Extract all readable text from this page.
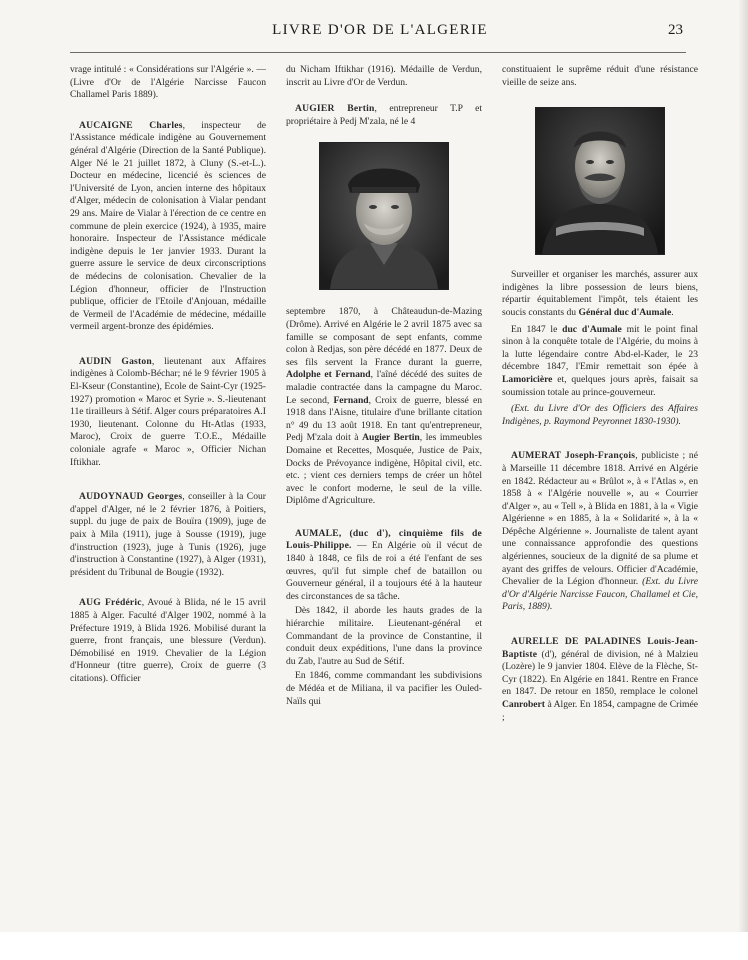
LIVRE D'OR DE L'ALGERIE	23

vrage intitulé : « Considérations sur l'Algérie ». — (Livre d'Or de l'Algérie Narcisse Faucon Challamel Paris 1889).

AUCAIGNE Charles, inspecteur de l'Assistance médicale indigène au Gouvernement général d'Algérie (Direction de la Santé Publique). Alger Né le 21 juillet 1872, à Cluny (S.-et-L.). Docteur en médecine, licencié ès sciences de l'Université de Lyon, ancien interne des hôpitaux d'Alger, médecin de colonisation à Vialar pendant 29 ans. Maire de Vialar à l'érection de ce centre en commune de plein exercice (1924), à 1935, maire honoraire. Inspecteur de l'Assistance médicale indigène depuis le 1er janvier 1933. Durant la guerre assure le service de deux circonscriptions de médecins de colonisation. Chevalier de la Légion d'honneur, officier de l'Instruction publique, officier de l'Etoile d'Anjouan, médaille de Vermeil de l'Académie de médecine, médaille vermeil argent-bronze des épidémies.

AUDIN Gaston, lieutenant aux Affaires indigènes à Colomb-Béchar; né le 9 février 1905 à El-Kseur (Constantine), Ecole de Saint-Cyr (1925-1927) promotion « Maroc et Syrie ». S.-lieutenant 11e tirailleurs à Sétif. Alger cours préparatoires A.I 1930, lieutenant. Colonne du Ht-Atlas (1933, Maroc), Croix de guerre T.O.E., Médaille coloniale agrafe « Maroc », Officier Nichan Iftikhar.

AUDOYNAUD Georges, conseiller à la Cour d'appel d'Alger, né le 2 février 1876, à Poitiers, suppl. du juge de paix de Bouïra (1909), juge de paix à Mila (1911), juge à Sousse (1919), juge d'instruction (1923), juge à Tunis (1926), juge d'instruction à Constantine (1927), à Alger (1931), président du Tribunal de Bougie (1932).

AUG Frédéric, Avoué à Blida, né le 15 avril 1885 à Alger. Faculté d'Alger 1902, nommé à la Préfecture 1919, à Blida 1926. Mobilisé durant la guerre, front français, une blessure (Verdun). Démobilisé en 1919. Chevalier de la Légion d'Honneur (titre guerre), Croix de guerre (3 citations). Officier

du Nicham Iftikhar (1916). Médaille de Verdun, inscrit au Livre d'Or de Verdun.

AUGIER Bertin, entrepreneur T.P et propriétaire à Pedj M'zala, né le 4

septembre 1870, à Châteaudun-de-Mazing (Drôme). Arrivé en Algérie le 2 avril 1875 avec sa famille se composant de sept enfants, comme colon à Redjas, son père décédé en 1877. Deux de ses fils servent la France durant la guerre, Adolphe et Fernand, l'aîné décédé des suites de maladie contractée dans la campagne du Maroc. Le second, Fernand, Croix de guerre, blessé en 1918 dans l'Aisne, titulaire d'une brillante citation n° 49 du 13 août 1918. En tant qu'entrepreneur, Pedj M'zala doit à Augier Bertin, les immeubles Domaine et Recettes, Mosquée, Justice de Paix, Docks de Prévoyance indigène, Hôpital civil, etc. etc. ; vient ces derniers temps de créer un hôtel avec le confort moderne, le seul de la ville. Diplôme d'Agriculture.

AUMALE, (duc d'), cinquième fils de Louis-Philippe. — En Algérie où il vécut de 1840 à 1848, ce fils de roi a été l'enfant de ses œuvres, qu'il fut simple chef de bataillon ou Gouverneur général, il a toujours été à la hauteur des circonstances de sa tâche.

Dès 1842, il aborde les hauts grades de la hiérarchie militaire. Lieutenant-général et Commandant de la province de Constantine, il conduit deux expéditions, l'une dans la province du Zab, l'autre au Sud de Sétif.

En 1846, comme commandant les subdivisions de Médéa et de Miliana, il va pacifier les Ouled-Naïls qui

constituaient le suprême réduit d'une résistance vieille de seize ans.

Surveiller et organiser les marchés, assurer aux indigènes la libre possession de leurs biens, répartir équitablement l'impôt, tels étaient les soucis constants du Général duc d'Aumale.

En 1847 le duc d'Aumale mit le point final sinon à la conquête totale de l'Algérie, du moins à la lutte légendaire contre Abd-el-Kader, le 23 décembre 1847, l'Emir remettait son épée à Lamoricière et, quelques jours après, faisait sa soumission totale au prince-gouverneur.

(Ext. du Livre d'Or des Officiers des Affaires Indigènes, p. Raymond Peyronnet 1830-1930).

AUMERAT Joseph-François, publiciste ; né à Marseille 11 décembre 1818. Arrivé en Algérie en 1842. Rédacteur au « Brûlot », à « l'Atlas », en 1858 à « l'Algérie nouvelle », au « Courrier d'Alger », au « Tell », à Blida en 1881, à la « Vigie Algérienne » en 1885, à la « Solidarité », à la « Dépêche Algérienne ». Journaliste de talent ayant une connaissance approfondie des questions algériennes, soucieux de la dignité de sa plume et ayant des griffes de velours. Officier d'Académie, Chevalier de la Légion d'honneur. (Ext. du Livre d'Or d'Algérie Narcisse Faucon, Challamel et Cie, Paris, 1889).

AURELLE DE PALADINES Louis-Jean-Baptiste (d'), général de division, né à Malzieu (Lozère) le 9 janvier 1804. Elève de la Flèche, St-Cyr (1822). En Algérie en 1841. Rentre en France en 1847. De retour en 1850, remplace le colonel Canrobert à Alger. En 1854, campagne de Crimée ;
